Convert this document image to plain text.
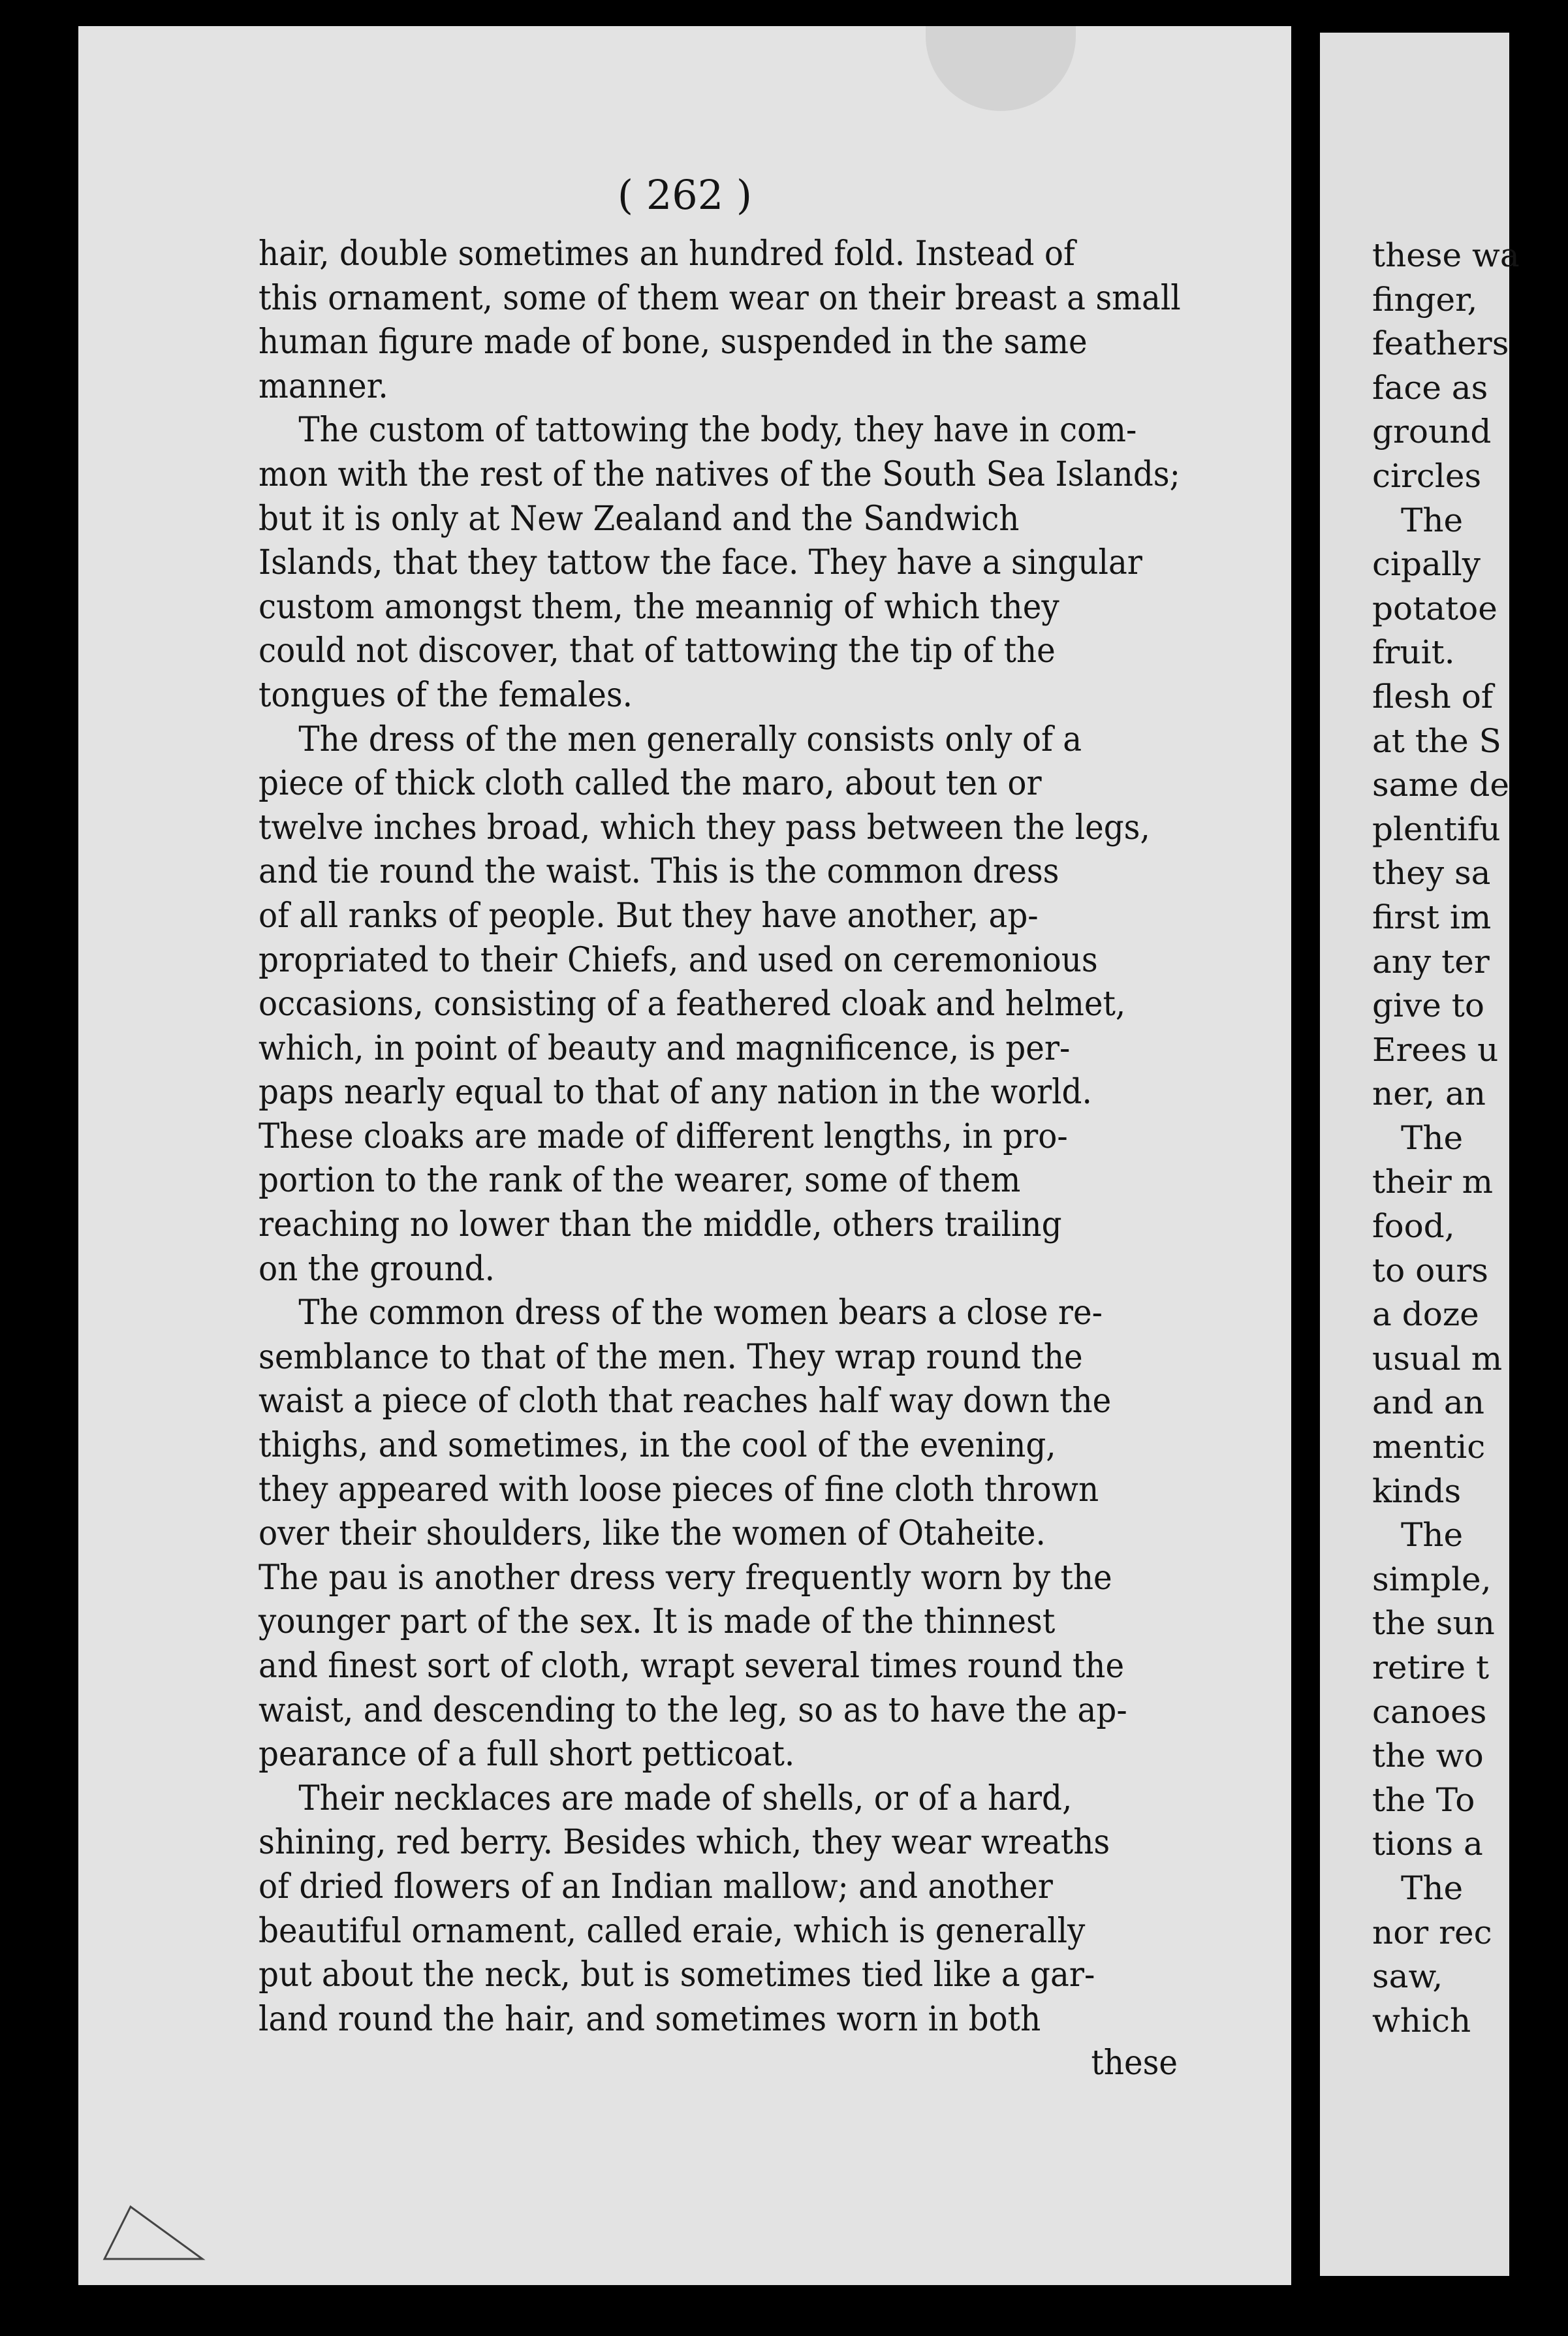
( 262 )
hair, double sometimes an hundred fold. Instead of
this ornament, some of them wear on their breast a small
human figure made of bone, suspended in the same
manner.
The custom of tattowing the body, they have in com-
mon with the rest of the natives of the South Sea Islands;
but it is only at New Zealand and the Sandwich
Islands, that they tattow the face. They have a singular
custom amongst them, the meannig of which they
could not discover, that of tattowing the tip of the
tongues of the females.
The dress of the men generally consists only of a
piece of thick cloth called the maro, about ten or
twelve inches broad, which they pass between the legs,
and tie round the waist. This is the common dress
of all ranks of people. But they have another, ap-
propriated to their Chiefs, and used on ceremonious
occasions, consisting of a feathered cloak and helmet,
which, in point of beauty and magnificence, is per-
paps nearly equal to that of any nation in the world.
These cloaks are made of different lengths, in pro-
portion to the rank of the wearer, some of them
reaching no lower than the middle, others trailing
on the ground.
The common dress of the women bears a close re-
semblance to that of the men. They wrap round the
waist a piece of cloth that reaches half way down the
thighs, and sometimes, in the cool of the evening,
they appeared with loose pieces of fine cloth thrown
over their shoulders, like the women of Otaheite.
The pau is another dress very frequently worn by the
younger part of the sex. It is made of the thinnest
and finest sort of cloth, wrapt several times round the
waist, and descending to the leg, so as to have the ap-
pearance of a full short petticoat.
Their necklaces are made of shells, or of a hard,
shining, red berry. Besides which, they wear wreaths
of dried flowers of an Indian mallow; and another
beautiful ornament, called eraie, which is generally
put about the neck, but is sometimes tied like a gar-
land round the hair, and sometimes worn in both
these
these wa
finger,
feathers
face as
ground
circles
The
cipally
potatoe
fruit.
flesh of
at the S
same de
plentifu
they sa
first im
any ter
give to
Erees u
ner, an
The
their m
food,
to ours
a doze
usual m
and an
mentic
kinds
The
simple,
the sun
retire t
canoes
the wo
the To
tions a
The
nor rec
saw,
which
